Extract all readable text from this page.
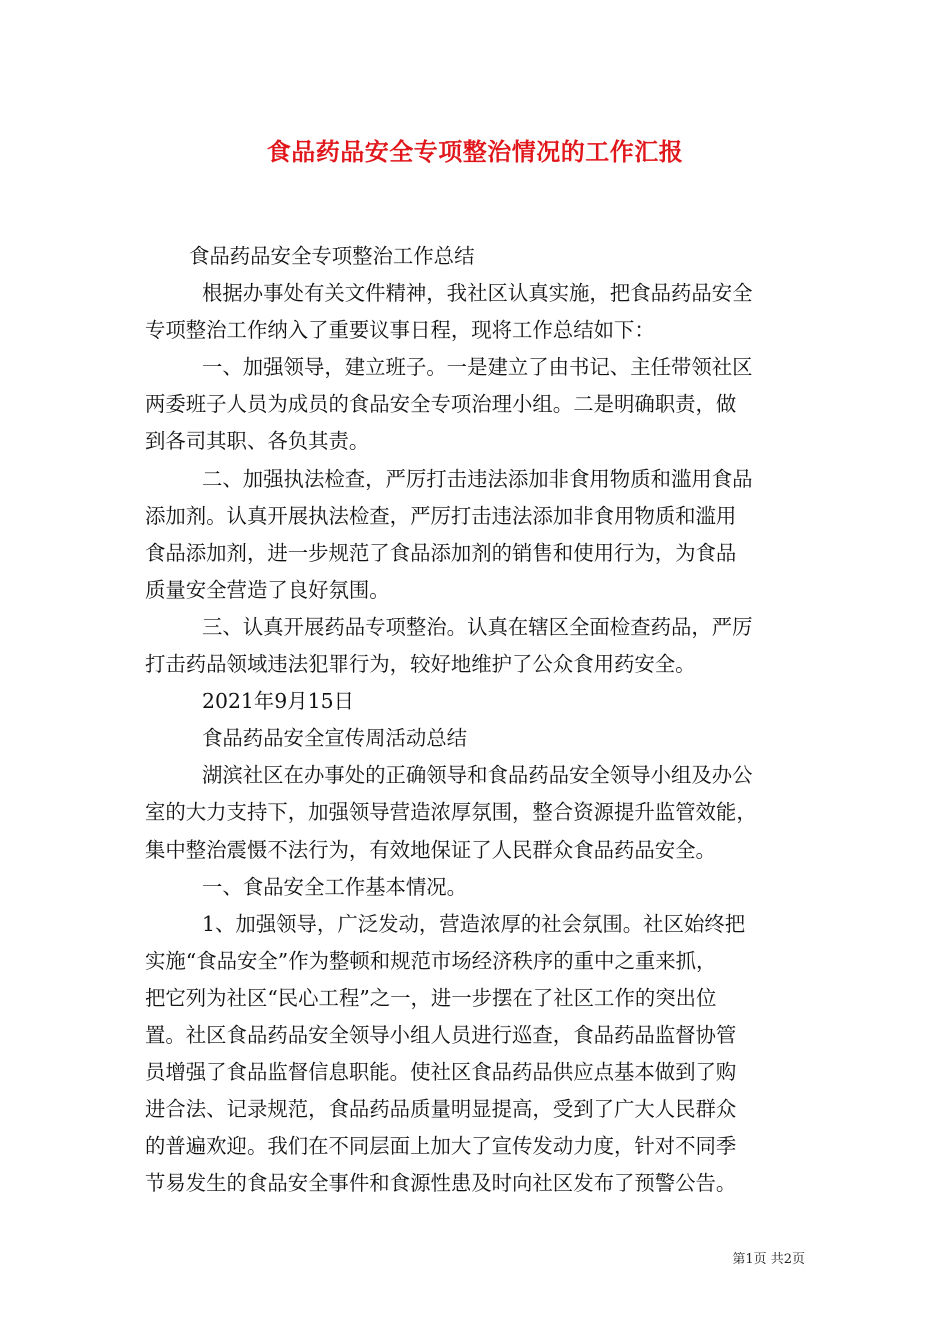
食品药品安全专项整治情况的工作汇报
食品药品安全专项整治工作总结
根据办事处有关文件精神，我社区认真实施，把食品药品安全
专项整治工作纳入了重要议事日程，现将工作总结如下：
一、加强领导，建立班子。一是建立了由书记、主任带领社区
两委班子人员为成员的食品安全专项治理小组。二是明确职责，做
到各司其职、各负其责。
二、加强执法检查，严厉打击违法添加非食用物质和滥用食品
添加剂。认真开展执法检查，严厉打击违法添加非食用物质和滥用
食品添加剂，进一步规范了食品添加剂的销售和使用行为，为食品
质量安全营造了良好氛围。
三、认真开展药品专项整治。认真在辖区全面检查药品，严厉
打击药品领域违法犯罪行为，较好地维护了公众食用药安全。
2021年9月15日
食品药品安全宣传周活动总结
湖滨社区在办事处的正确领导和食品药品安全领导小组及办公
室的大力支持下，加强领导营造浓厚氛围，整合资源提升监管效能，
集中整治震慑不法行为，有效地保证了人民群众食品药品安全。
一、食品安全工作基本情况。
1、加强领导，广泛发动，营造浓厚的社会氛围。社区始终把
实施“食品安全”作为整顿和规范市场经济秩序的重中之重来抓，
把它列为社区“民心工程”之一，进一步摆在了社区工作的突出位
置。社区食品药品安全领导小组人员进行巡查，食品药品监督协管
员增强了食品监督信息职能。使社区食品药品供应点基本做到了购
进合法、记录规范，食品药品质量明显提高，受到了广大人民群众
的普遍欢迎。我们在不同层面上加大了宣传发动力度，针对不同季
节易发生的食品安全事件和食源性患及时向社区发布了预警公告。
第1页 共2页
